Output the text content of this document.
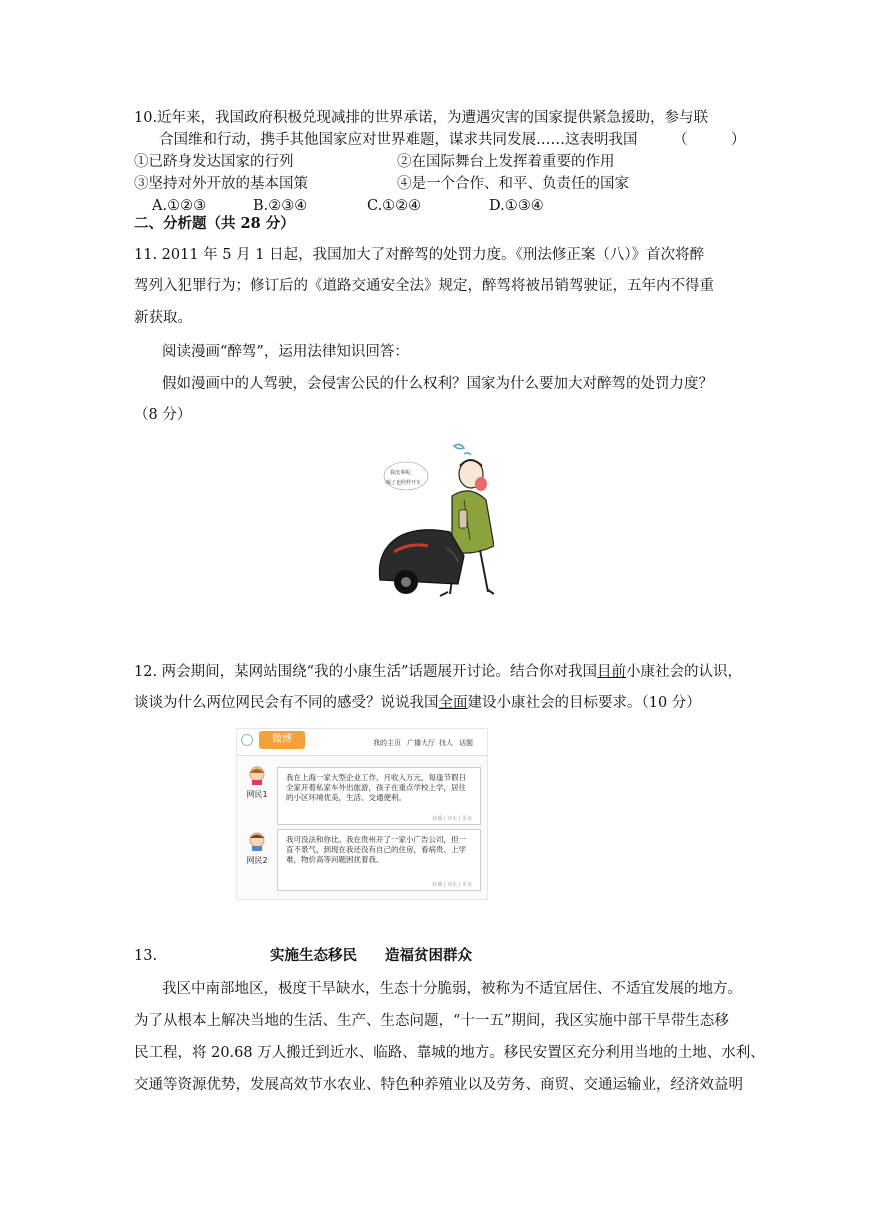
10.近年来，我国政府积极兑现减排的世界承诺，为遭遇灾害的国家提供紧急援助，参与联
合国维和行动，携手其他国家应对世界难题，谋求共同发展……这表明我国 （　　　）
①已跻身发达国家的行列	②在国际舞台上发挥着重要的作用
③坚持对外开放的基本国策	④是一个合作、和平、负责任的国家
A.①②③	B.②③④	C.①②④	D.①③④
二、分析题（共 28 分）
11. 2011 年 5 月 1 日起，我国加大了对醉驾的处罚力度。《刑法修正案（八）》首次将醉
驾列入犯罪行为；修订后的《道路交通安全法》规定，醉驾将被吊销驾驶证，五年内不得重
新获取。
阅读漫画“醉驾”，运用法律知识回答：
假如漫画中的人驾驶，会侵害公民的什么权利？国家为什么要加大对醉驾的处罚力度？
（8 分）
我没事呢，
喝了也照样开车
12. 两会期间，某网站围绕“我的小康生活”话题展开讨论。结合你对我国目前小康社会的认识，
谈谈为什么两位网民会有不同的感受？说说我国全面建设小康社会的目标要求。（10 分）
微博	我的主页 广播大厅 找人 话题
网民1
我在上海一家大型企业工作，月收入万元，每逢节假日全家开着私家车外出旅游，孩子在重点学校上学，居住的小区环境优美，生活、交通便利。
转播 | 评论 | 更多
网民2
我可没法和你比。我在贵州开了一家小广告公司，但一直不景气，到现在我还没有自己的住房，看病贵、上学难，物价高等问题困扰着我。
转播 | 评论 | 更多
13.	实施生态移民 造福贫困群众
我区中南部地区，极度干旱缺水，生态十分脆弱，被称为不适宜居住、不适宜发展的地方。
为了从根本上解决当地的生活、生产、生态问题，“十一五”期间，我区实施中部干旱带生态移
民工程，将 20.68 万人搬迁到近水、临路、靠城的地方。移民安置区充分利用当地的土地、水利、
交通等资源优势，发展高效节水农业、特色种养殖业以及劳务、商贸、交通运输业，经济效益明
